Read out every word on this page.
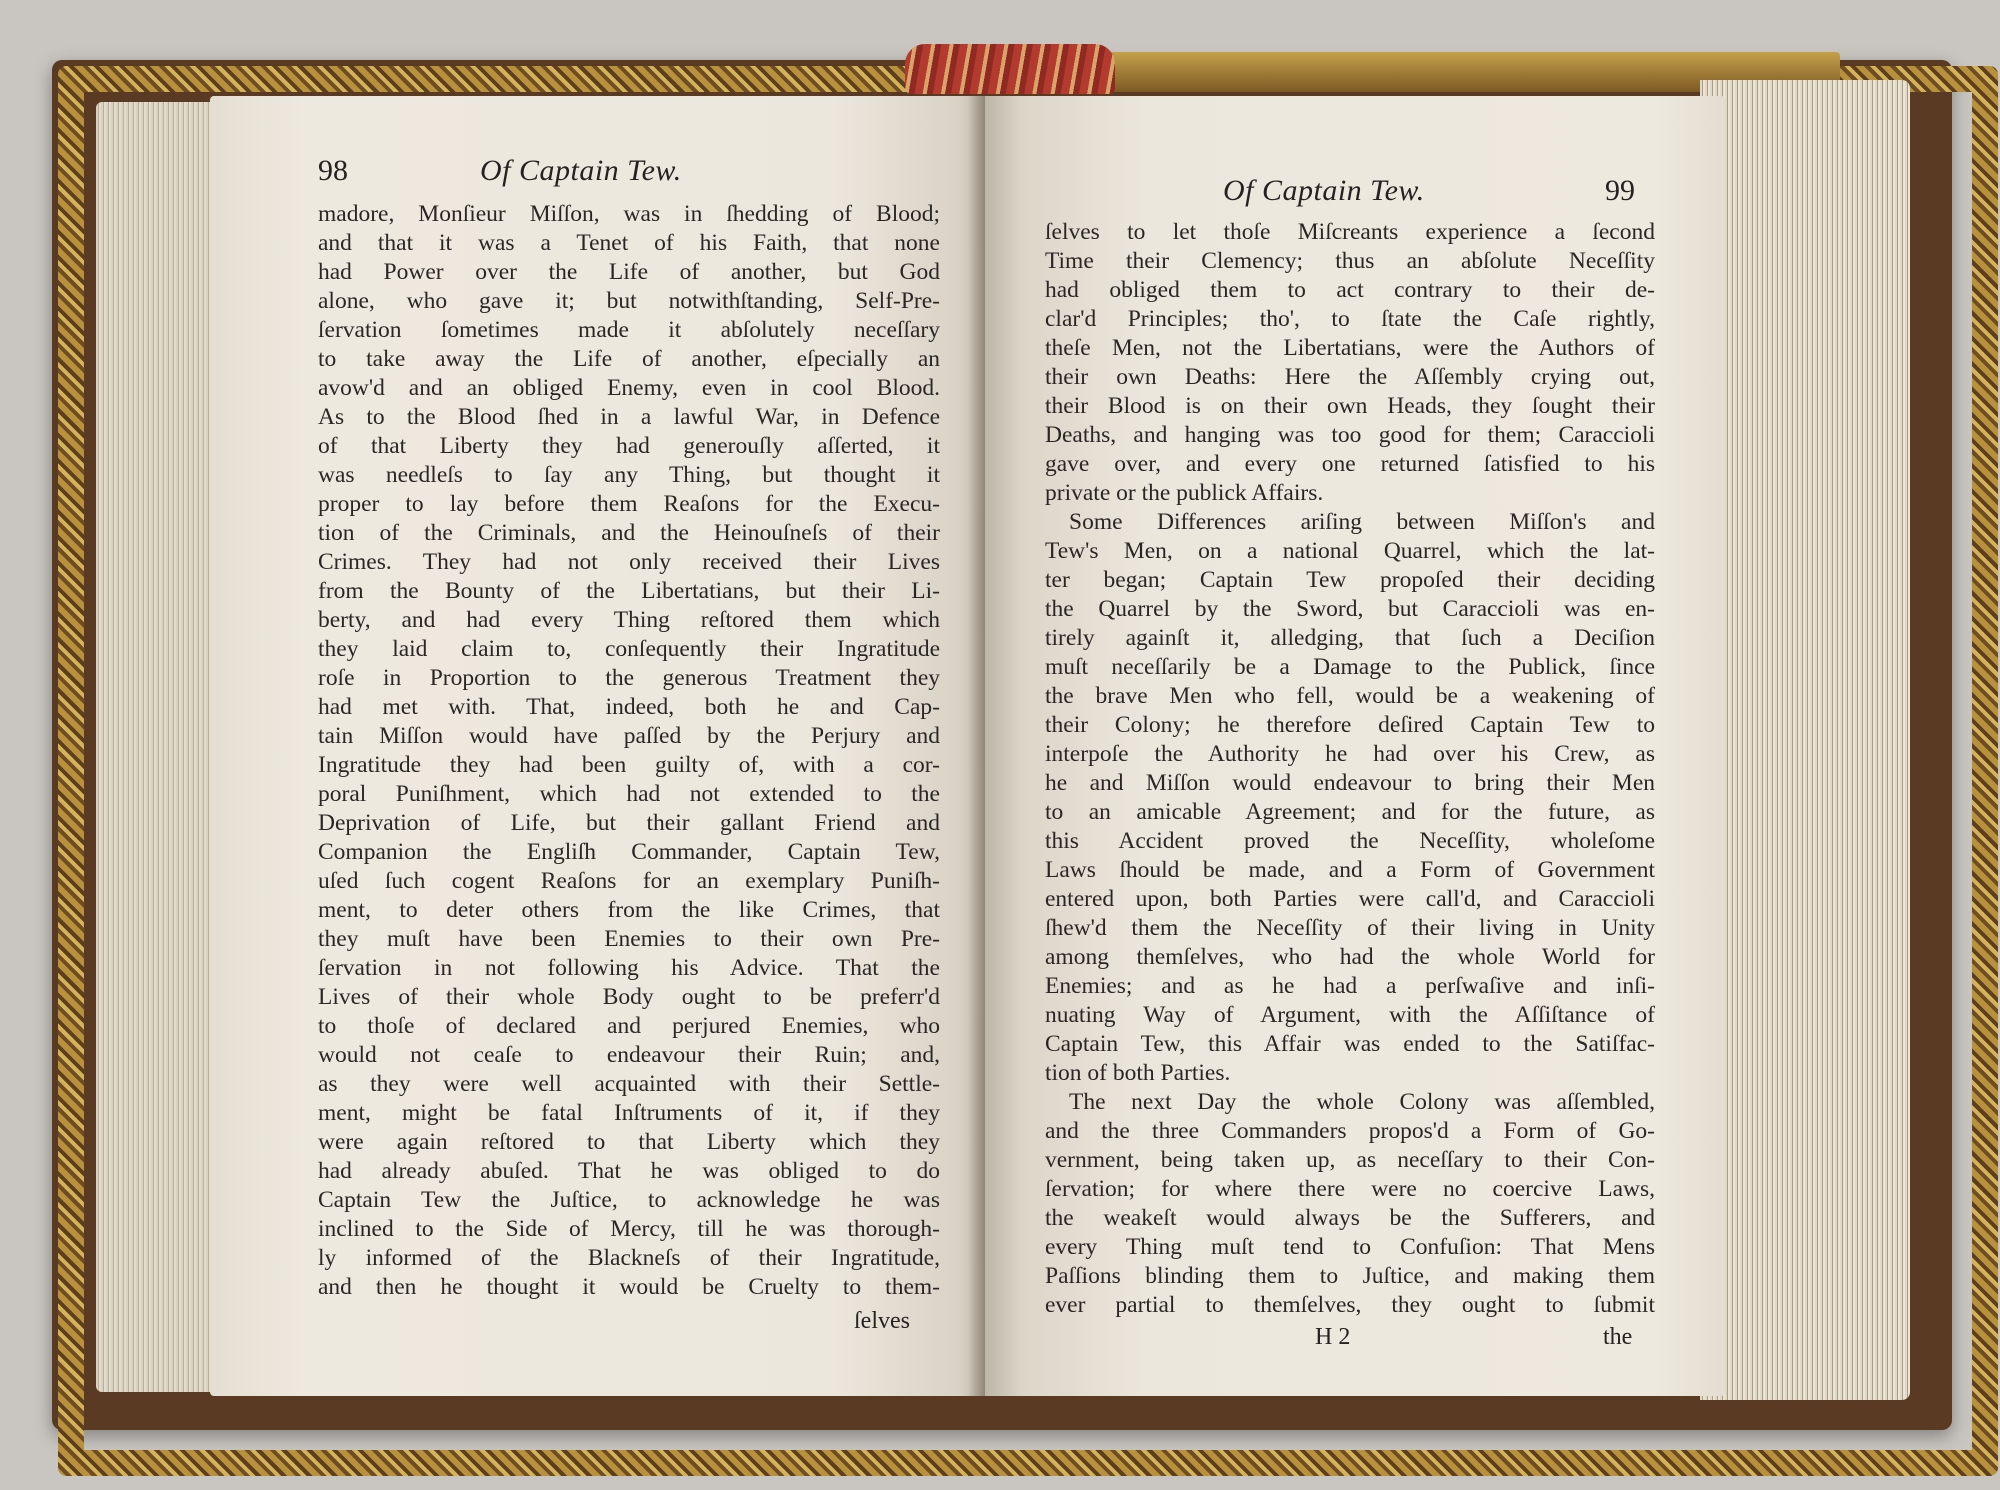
98	Of Captain Tew.
madore, Monſieur Miſſon, was in ſhedding of Blood;
and that it was a Tenet of his Faith, that none
had Power over the Life of another, but God
alone, who gave it; but notwithſtanding, Self-Pre-
ſervation ſometimes made it abſolutely neceſſary
to take away the Life of another, eſpecially an
avow'd and an obliged Enemy, even in cool Blood.
As to the Blood ſhed in a lawful War, in Defence
of that Liberty they had generouſly aſſerted, it
was needleſs to ſay any Thing, but thought it
proper to lay before them Reaſons for the Execu-
tion of the Criminals, and the Heinouſneſs of their
Crimes. They had not only received their Lives
from the Bounty of the Libertatians, but their Li-
berty, and had every Thing reſtored them which
they laid claim to, conſequently their Ingratitude
roſe in Proportion to the generous Treatment they
had met with. That, indeed, both he and Cap-
tain Miſſon would have paſſed by the Perjury and
Ingratitude they had been guilty of, with a cor-
poral Puniſhment, which had not extended to the
Deprivation of Life, but their gallant Friend and
Companion the Engliſh Commander, Captain Tew,
uſed ſuch cogent Reaſons for an exemplary Puniſh-
ment, to deter others from the like Crimes, that
they muſt have been Enemies to their own Pre-
ſervation in not following his Advice. That the
Lives of their whole Body ought to be preferr'd
to thoſe of declared and perjured Enemies, who
would not ceaſe to endeavour their Ruin; and,
as they were well acquainted with their Settle-
ment, might be fatal Inſtruments of it, if they
were again reſtored to that Liberty which they
had already abuſed. That he was obliged to do
Captain Tew the Juſtice, to acknowledge he was
inclined to the Side of Mercy, till he was thorough-
ly informed of the Blackneſs of their Ingratitude,
and then he thought it would be Cruelty to them-
ſelves
Of Captain Tew.	99
ſelves to let thoſe Miſcreants experience a ſecond
Time their Clemency; thus an abſolute Neceſſity
had obliged them to act contrary to their de-
clar'd Principles; tho', to ſtate the Caſe rightly,
theſe Men, not the Libertatians, were the Authors of
their own Deaths: Here the Aſſembly crying out,
their Blood is on their own Heads, they ſought their
Deaths, and hanging was too good for them; Caraccioli
gave over, and every one returned ſatisfied to his
private or the publick Affairs.
Some Differences ariſing between Miſſon's and
Tew's Men, on a national Quarrel, which the lat-
ter began; Captain Tew propoſed their deciding
the Quarrel by the Sword, but Caraccioli was en-
tirely againſt it, alledging, that ſuch a Deciſion
muſt neceſſarily be a Damage to the Publick, ſince
the brave Men who fell, would be a weakening of
their Colony; he therefore deſired Captain Tew to
interpoſe the Authority he had over his Crew, as
he and Miſſon would endeavour to bring their Men
to an amicable Agreement; and for the future, as
this Accident proved the Neceſſity, wholeſome
Laws ſhould be made, and a Form of Government
entered upon, both Parties were call'd, and Caraccioli
ſhew'd them the Neceſſity of their living in Unity
among themſelves, who had the whole World for
Enemies; and as he had a perſwaſive and inſi-
nuating Way of Argument, with the Aſſiſtance of
Captain Tew, this Affair was ended to the Satiſfac-
tion of both Parties.
The next Day the whole Colony was aſſembled,
and the three Commanders propos'd a Form of Go-
vernment, being taken up, as neceſſary to their Con-
ſervation; for where there were no coercive Laws,
the weakeſt would always be the Sufferers, and
every Thing muſt tend to Confuſion: That Mens
Paſſions blinding them to Juſtice, and making them
ever partial to themſelves, they ought to ſubmit
H 2	the
